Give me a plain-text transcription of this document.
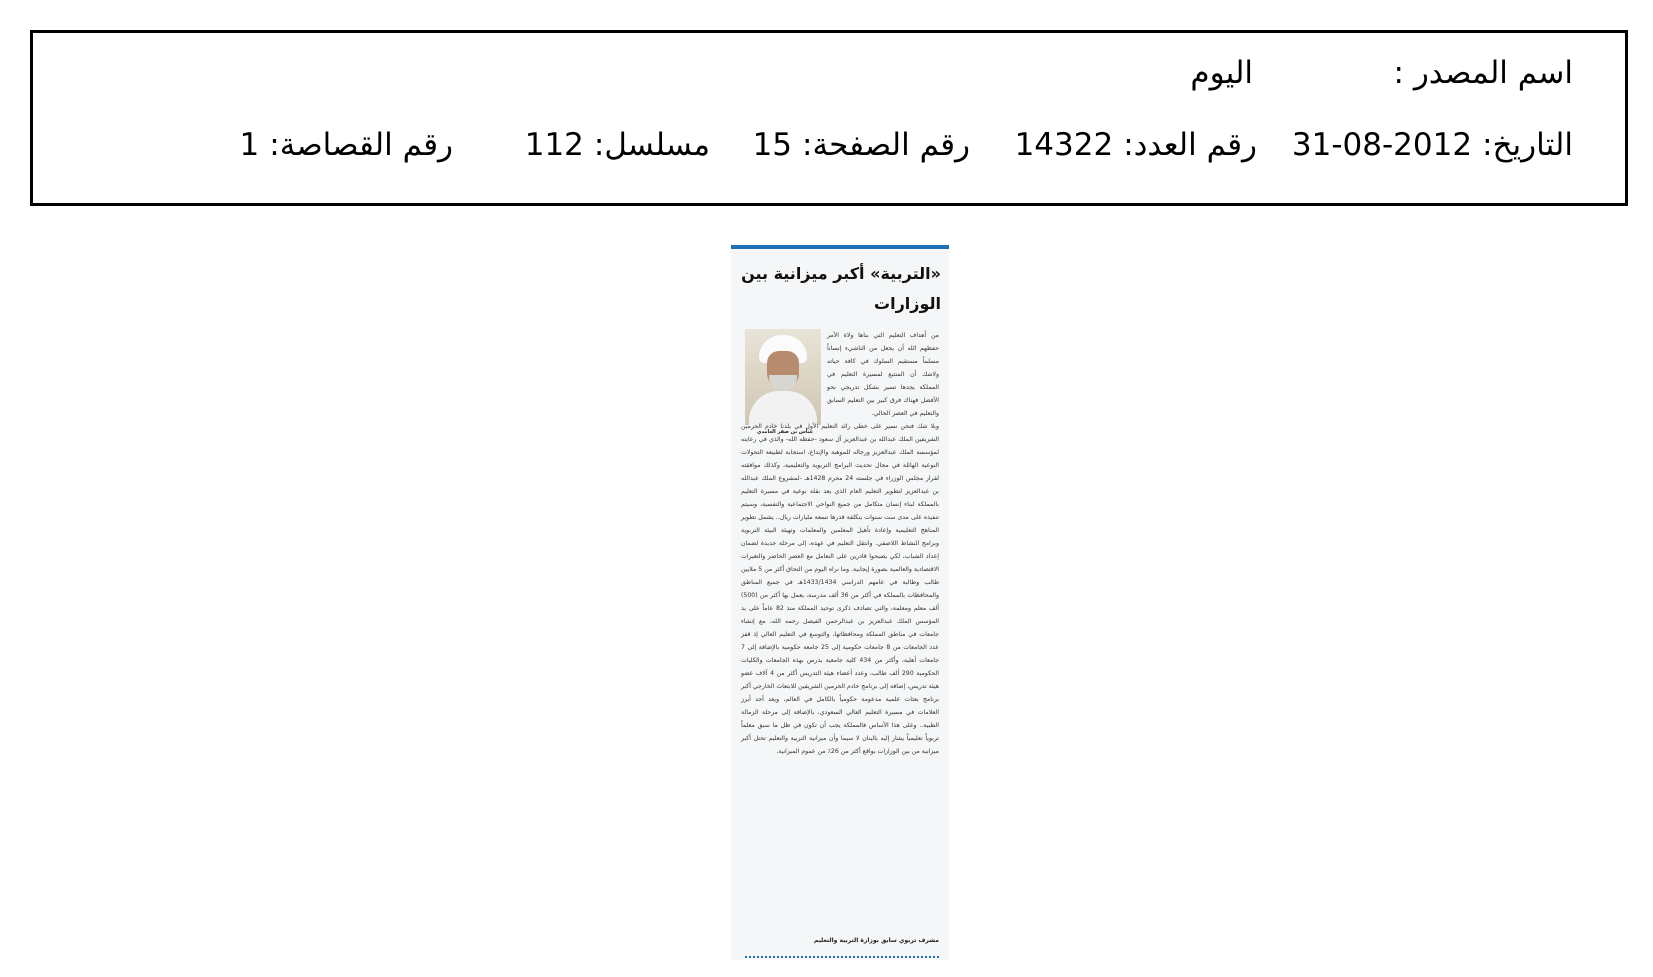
اسم المصدر :
اليوم
التاريخ:2012-08-31
رقم العدد:14322
رقم الصفحة:15
مسلسل:112
رقم القصاصة:1
«التربية» أكبر ميزانية بين الوزارات
عباس بن صقر الغامدي
من أهداف التعليم التي بناها ولاة الأمر حفظهم الله أن يجعل من الناشيء إنساناً مسلماً مستقيم السلوك في كافة حياته ولاشك أن المتتبع لمسيرة التعليم في المملكة يجدها تسير بشكل تدريجي نحو الأفضل فهناك فرق كبير بين التعليم السابق والتعليم في العصر الحالي.
وبلا شك فنحن نسير على خطى رائد التعليم الأول في بلدنا خادم الحرمين الشريفين الملك عبدالله بن عبدالعزيز آل سعود -حفظه الله- والذي في رعايته لمؤسسة الملك عبدالعزيز ورجاله للموهبة والإبداع، استجابة لطبيعة التحولات النوعية الهائلة في مجال تحديث البرامج التربوية والتعليمية، وكذلك موافقته لقرار مجلس الوزراء في جلسته 24 محرم 1428هـ -لمشروع الملك عبدالله بن عبدالعزيز لتطوير التعليم العام الذي يعد نقلة نوعية في مسيرة التعليم بالمملكة لبناء إنسان متكامل من جميع النواحي الاجتماعية والنفسية، وسيتم تنفيذه على مدى ست سنوات بتكلفة قدرها تسعة مليارات ريال.. يشمل تطوير المناهج التعليمية وإعادة تأهيل المعلمين والمعلمات وتهيئة البيئة التربوية وبرامج النشاط اللاصفي. وانتقل التعليم في عهده، إلى مرحلة جديدة لضمان إعداد الشباب، لكي يصبحوا قادرين على التعامل مع العصر الحاضر والتغيرات الاقتصادية والعالمية بصورة إيجابية. وما نراه اليوم من التحاق أكثر من 5 ملايين طالب وطالبة في عامهم الدراسي 1433/1434هـ في جميع المناطق والمحافظات بالمملكة في أكثر من 36 ألف مدرسة، يعمل بها أكثر من (500) ألف معلم ومعلمة، والتي تصادف ذكرى توحيد المملكة منذ 82 عاماً على يد المؤسس الملك عبدالعزيز بن عبدالرحمن الفيصل رحمه الله، مع إنشاء جامعات في مناطق المملكة ومحافظاتها، والتوسع في التعليم العالي إذ قفز عدد الجامعات من 8 جامعات حكومية إلى 25 جامعة حكومية بالإضافة إلى 7 جامعات أهلية، وأكثر من 434 كلية جامعية يدرس بهذه الجامعات والكليات الحكومية 290 ألف طالب، وعدد أعضاء هيئة التدريس أكثر من 4 آلاف عضو هيئة تدريس، إضافة إلى برنامج خادم الحرمين الشريفين للابتعاث الخارجي أكبر برنامج بعثات علمية مدعومة حكومياً بالكامل في العالم، ويعد أحد أبرز العلامات في مسيرة التعليم العالي السعودي، بالإضافة إلى مرحلة الزمالة الطبية.. وعلى هذا الأساس فالمملكة يجب أن تكون في ظل ما سبق معلماً تربوياً تعليمياً يشار إليه بالبنان لا سيما وأن ميزانية التربية والتعليم تحتل أكبر ميزانية من بين الوزارات بواقع أكثر من 26٪ من عموم الميزانية.
مشرف تربوي سابق بوزارة التربية والتعليم
